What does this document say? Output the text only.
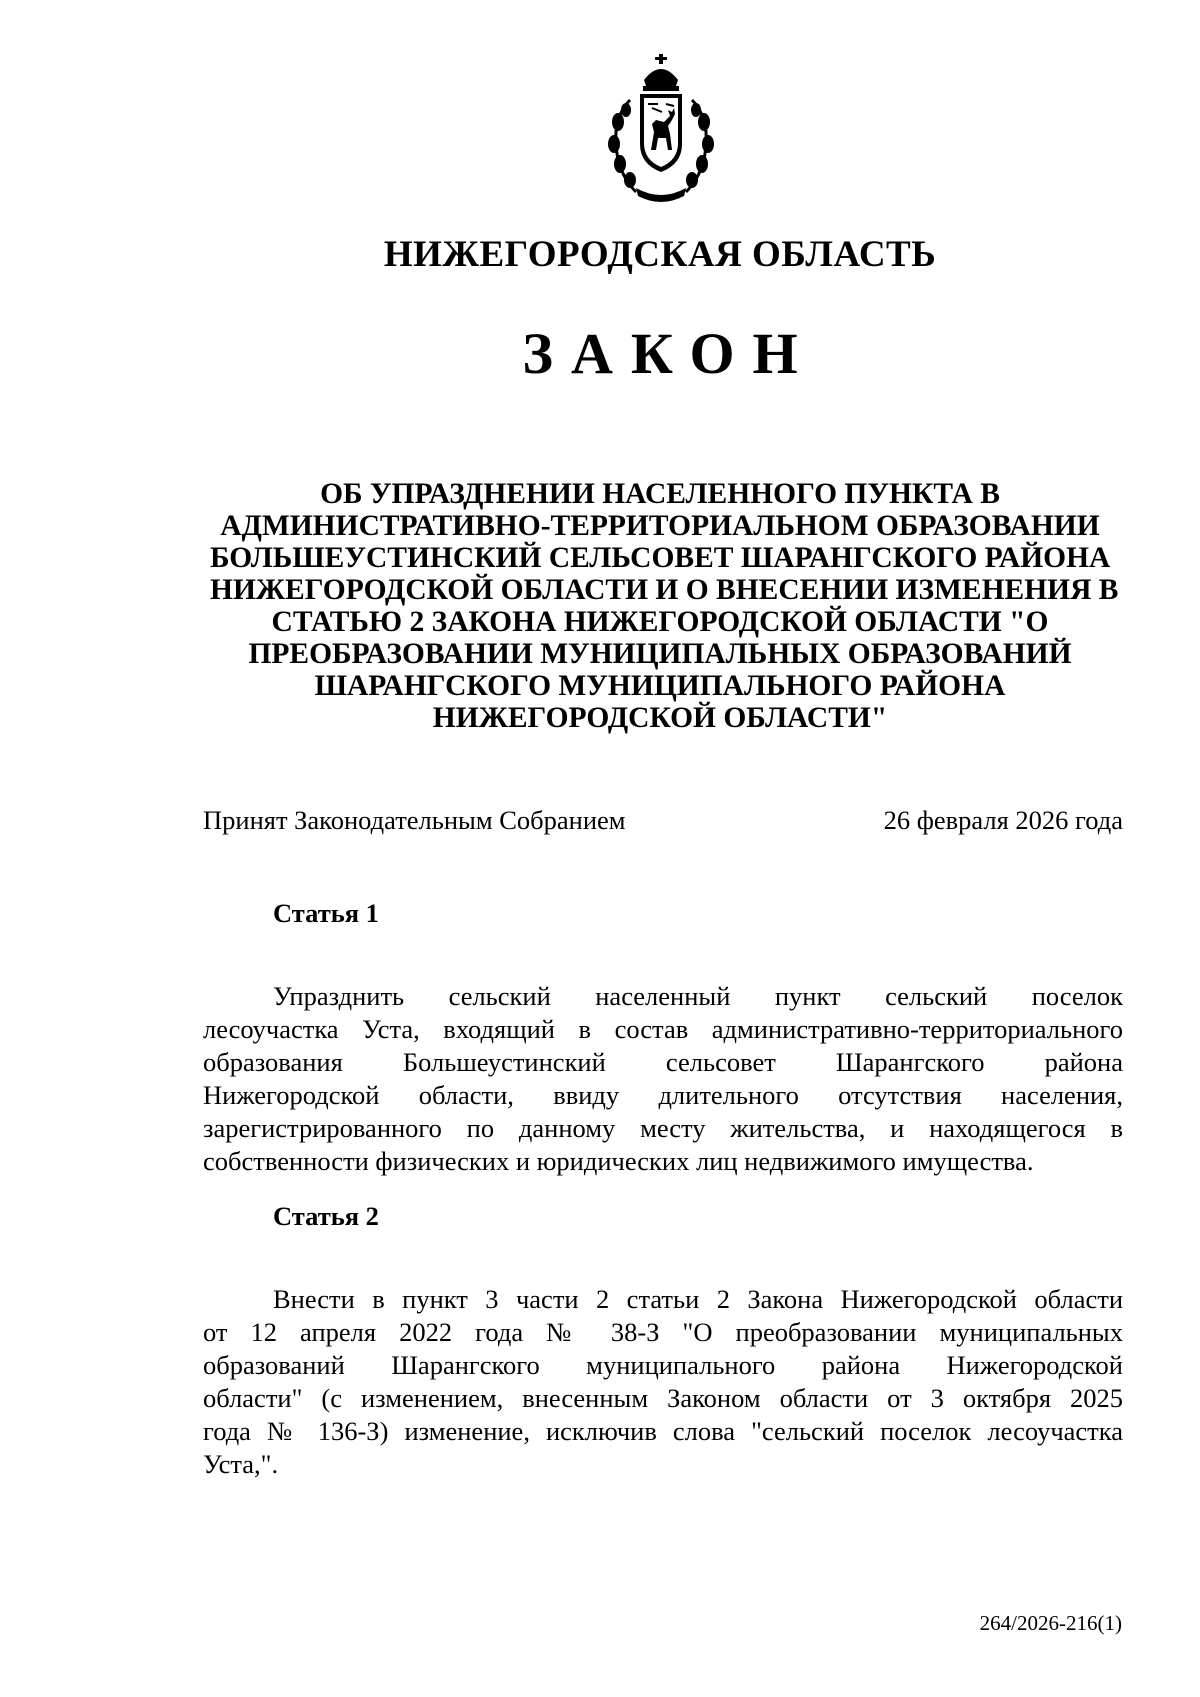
НИЖЕГОРОДСКАЯ ОБЛАСТЬ
ЗАКОН
ОБ УПРАЗДНЕНИИ НАСЕЛЕННОГО ПУНКТА В
АДМИНИСТРАТИВНО-ТЕРРИТОРИАЛЬНОМ ОБРАЗОВАНИИ
БОЛЬШЕУСТИНСКИЙ СЕЛЬСОВЕТ ШАРАНГСКОГО РАЙОНА
НИЖЕГОРОДСКОЙ ОБЛАСТИ И О ВНЕСЕНИИ ИЗМЕНЕНИЯ В
СТАТЬЮ 2 ЗАКОНА НИЖЕГОРОДСКОЙ ОБЛАСТИ "О
ПРЕОБРАЗОВАНИИ МУНИЦИПАЛЬНЫХ ОБРАЗОВАНИЙ
ШАРАНГСКОГО МУНИЦИПАЛЬНОГО РАЙОНА
НИЖЕГОРОДСКОЙ ОБЛАСТИ"
Принят Законодательным Собранием	26 февраля 2026 года
Статья 1
Упразднить сельский населенный пункт сельский поселок
лесоучастка Уста, входящий в состав административно-территориального
образования Большеустинский сельсовет Шарангского района
Нижегородской области, ввиду длительного отсутствия населения,
зарегистрированного по данному месту жительства, и находящегося в
собственности физических и юридических лиц недвижимого имущества.
Статья 2
Внести в пункт 3 части 2 статьи 2 Закона Нижегородской области
от 12 апреля 2022 года № 38-З "О преобразовании муниципальных
образований Шарангского муниципального района Нижегородской
области" (с изменением, внесенным Законом области от 3 октября 2025
года № 136-З) изменение, исключив слова "сельский поселок лесоучастка
Уста,".
264/2026-216(1)
